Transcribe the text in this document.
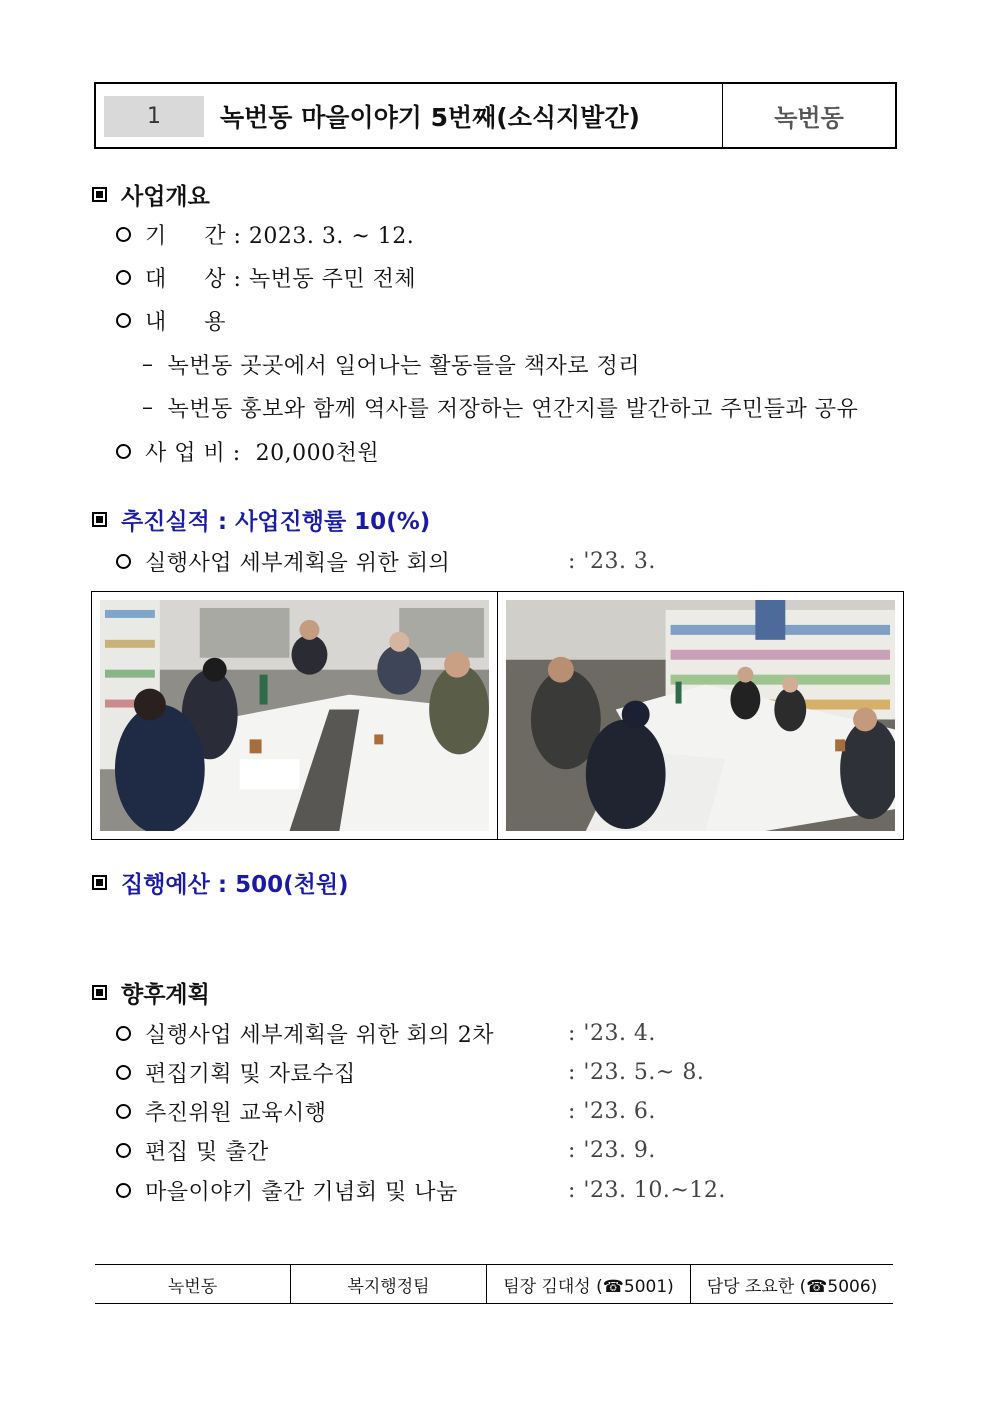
1	녹번동 마을이야기 5번째(소식지발간)	녹번동
사업개요
기     간 : 2023. 3. ~ 12.
대     상 : 녹번동 주민 전체
내     용
– 녹번동 곳곳에서 일어나는 활동들을 책자로 정리
– 녹번동 홍보와 함께 역사를 저장하는 연간지를 발간하고 주민들과 공유
사 업 비 :  20,000천원
추진실적 : 사업진행률 10(%)
실행사업 세부계획을 위한 회의	: '23. 3.
집행예산 : 500(천원)
향후계획
실행사업 세부계획을 위한 회의 2차	: '23. 4.
편집기획 및 자료수집	: '23. 5.~ 8.
추진위원 교육시행	: '23. 6.
편집 및 출간	: '23. 9.
마을이야기 출간 기념회 및 나눔	: '23. 10.~12.
녹번동	복지행정팀	팀장 김대성 (☎5001)	담당 조요한 (☎5006)
